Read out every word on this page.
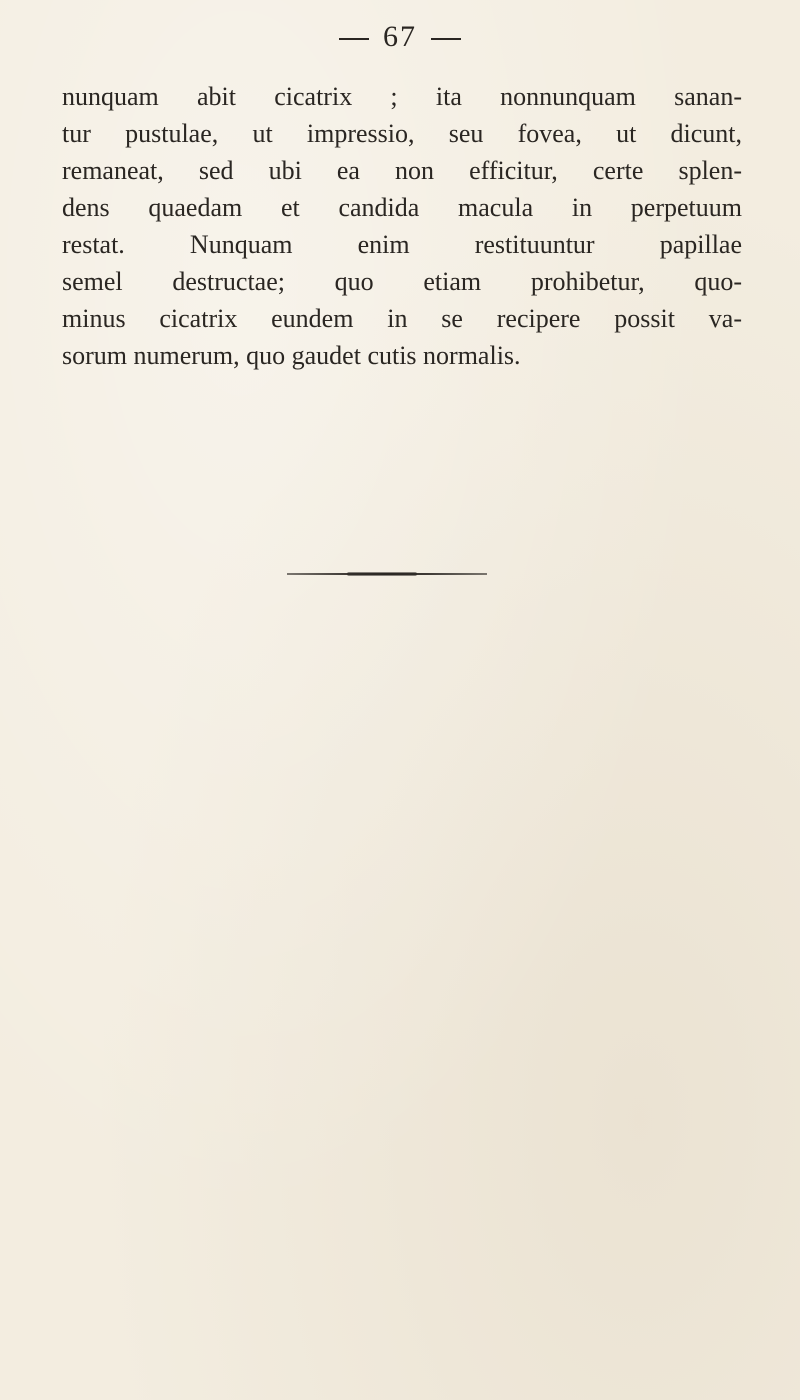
67
nunquam abit cicatrix ; ita nonnunquam sanan-
tur pustulae, ut impressio, seu fovea, ut dicunt,
remaneat, sed ubi ea non efficitur, certe splen-
dens quaedam et candida macula in perpetuum
restat. Nunquam enim restituuntur papillae
semel destructae; quo etiam prohibetur, quo-
minus cicatrix eundem in se recipere possit va-
sorum numerum, quo gaudet cutis normalis.
